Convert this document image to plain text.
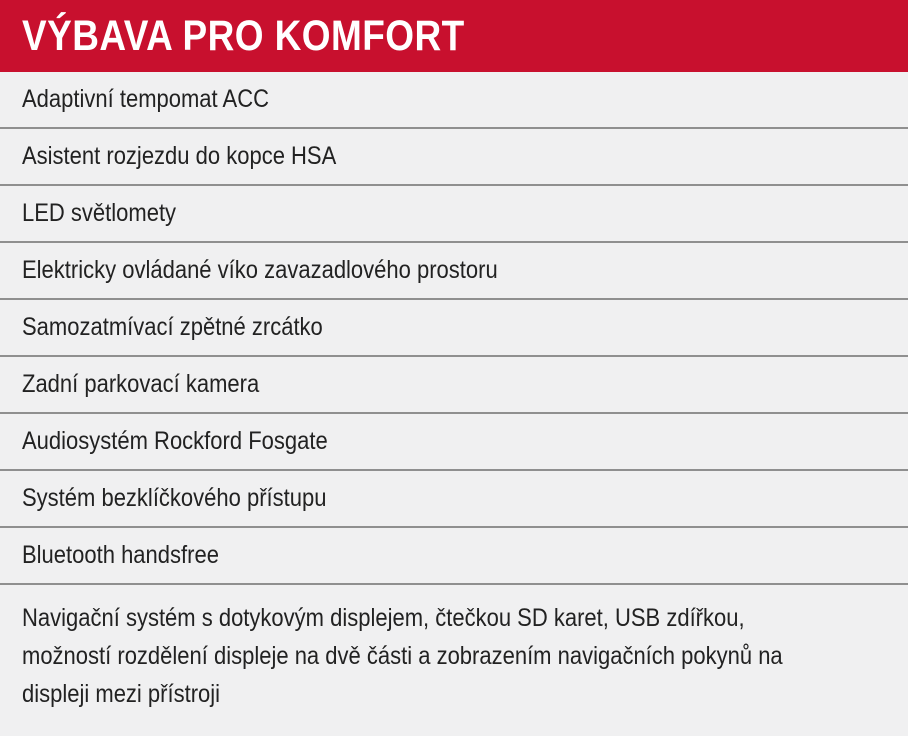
VÝBAVA PRO KOMFORT
Adaptivní tempomat ACC
Asistent rozjezdu do kopce HSA
LED světlomety
Elektricky ovládané víko zavazadlového prostoru
Samozatmívací zpětné zrcátko
Zadní parkovací kamera
Audiosystém Rockford Fosgate
Systém bezklíčkového přístupu
Bluetooth handsfree
Navigační systém s dotykovým displejem, čtečkou SD karet, USB zdířkou, možností rozdělení displeje na dvě části a zobrazením navigačních pokynů na displeji mezi přístroji
